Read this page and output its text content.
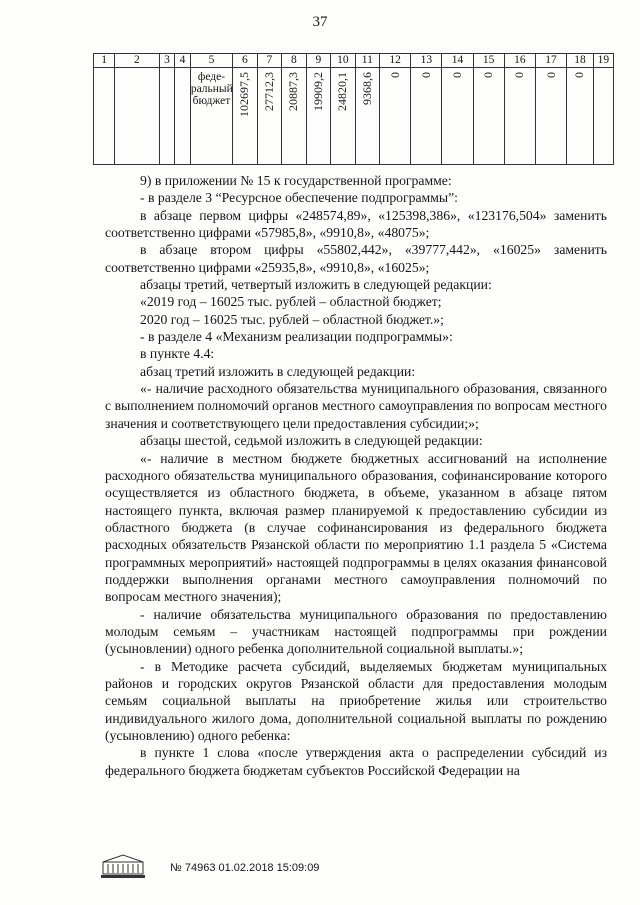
37
1	2	3	4	5	6	7	8	9	10	11	12	13	14	15	16	17	18	19

				феде-ральный бюджет	102697,5	27712,3	20887,3	19909,2	24820,1	9368,6	0	0	0	0	0	0	0	

9) в приложении № 15 к государственной программе:

- в разделе 3 “Ресурсное обеспечение подпрограммы”:

в абзаце первом цифры «248574,89», «125398,386», «123176,504» заменить соответственно цифрами «57985,8», «9910,8», «48075»;

в абзаце втором цифры «55802,442», «39777,442», «16025» заменить соответственно цифрами «25935,8», «9910,8», «16025»;

абзацы третий, четвертый изложить в следующей редакции:

«2019 год – 16025 тыс. рублей – областной бюджет;

2020 год – 16025 тыс. рублей – областной бюджет.»;

- в разделе 4 «Механизм реализации подпрограммы»:

в пункте 4.4:

абзац третий изложить в следующей редакции:

«- наличие расходного обязательства муниципального образования, связанного с выполнением полномочий органов местного самоуправления по вопросам местного значения и соответствующего цели предоставления субсидии;»;

абзацы шестой, седьмой изложить в следующей редакции:

«- наличие в местном бюджете бюджетных ассигнований на исполнение расходного обязательства муниципального образования, софинансирование которого осуществляется из областного бюджета, в объеме, указанном в абзаце пятом настоящего пункта, включая размер планируемой к предоставлению субсидии из областного бюджета (в случае софинансирования из федерального бюджета расходных обязательств Рязанской области по мероприятию 1.1 раздела 5 «Система программных мероприятий» настоящей подпрограммы в целях оказания финансовой поддержки выполнения органами местного самоуправления полномочий по вопросам местного значения);

- наличие обязательства муниципального образования по предоставлению молодым семьям – участникам настоящей подпрограммы при рождении (усыновлении) одного ребенка дополнительной социальной выплаты.»;

- в Методике расчета субсидий, выделяемых бюджетам муниципальных районов и городских округов Рязанской области для предоставления молодым семьям социальной выплаты на приобретение жилья или строительство индивидуального жилого дома, дополнительной социальной выплаты по рождению (усыновлению) одного ребенка:

в пункте 1 слова «после утверждения акта о распределении субсидий из федерального бюджета бюджетам субъектов Российской Федерации на

№ 74963 01.02.2018 15:09:09
